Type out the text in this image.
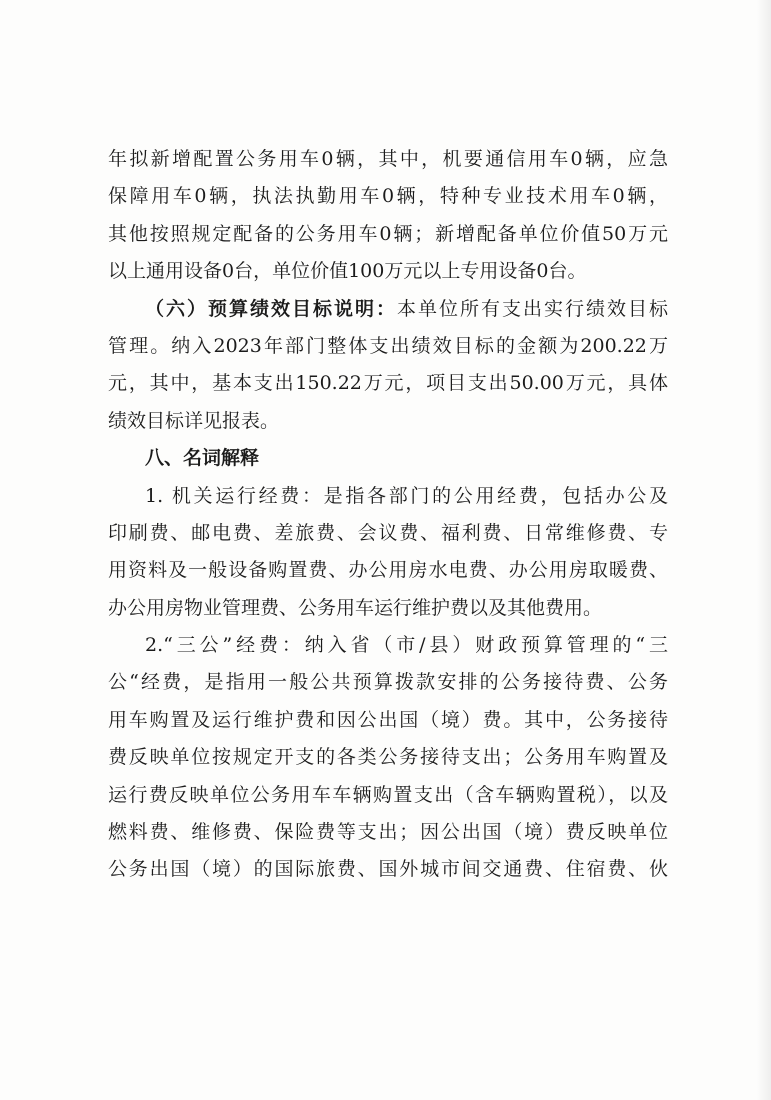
年拟新增配置公务用车0辆，其中，机要通信用车0辆，应急
保障用车0辆，执法执勤用车0辆，特种专业技术用车0辆，
其他按照规定配备的公务用车0辆；新增配备单位价值50万元
以上通用设备0台，单位价值100万元以上专用设备0台。
（六）预算绩效目标说明：本单位所有支出实行绩效目标
管理。纳入2023年部门整体支出绩效目标的金额为200.22万
元，其中，基本支出150.22万元，项目支出50.00万元，具体
绩效目标详见报表。
八、名词解释
1. 机关运行经费：是指各部门的公用经费，包括办公及
印刷费、邮电费、差旅费、会议费、福利费、日常维修费、专
用资料及一般设备购置费、办公用房水电费、办公用房取暖费、
办公用房物业管理费、公务用车运行维护费以及其他费用。
2.“三公”经费：纳入省（市/县）财政预算管理的“三
公“经费，是指用一般公共预算拨款安排的公务接待费、公务
用车购置及运行维护费和因公出国（境）费。其中，公务接待
费反映单位按规定开支的各类公务接待支出；公务用车购置及
运行费反映单位公务用车车辆购置支出（含车辆购置税），以及
燃料费、维修费、保险费等支出；因公出国（境）费反映单位
公务出国（境）的国际旅费、国外城市间交通费、住宿费、伙
